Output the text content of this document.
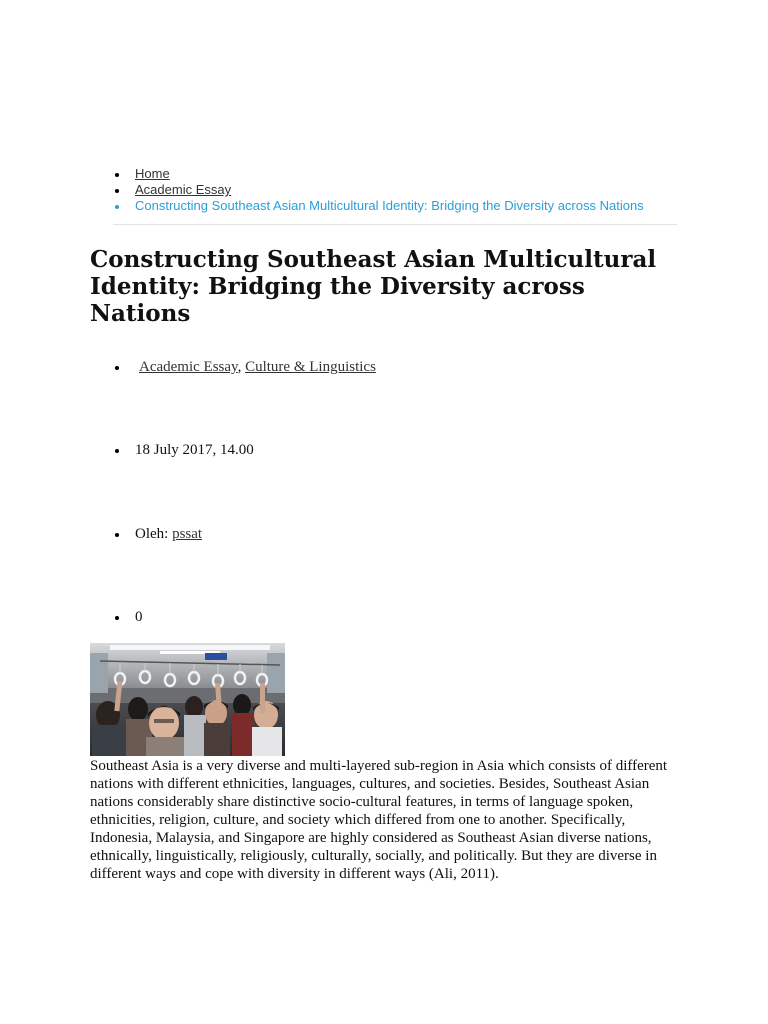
Home
Academic Essay
Constructing Southeast Asian Multicultural Identity: Bridging the Diversity across Nations
Constructing Southeast Asian Multicultural Identity: Bridging the Diversity across Nations
Academic Essay, Culture & Linguistics
18 July 2017, 14.00
Oleh: pssat
0

Southeast Asia is a very diverse and multi-layered sub-region in Asia which consists of different nations with different ethnicities, languages, cultures, and societies. Besides, Southeast Asian nations considerably share distinctive socio-cultural features, in terms of language spoken, ethnicities, religion, culture, and society which differed from one to another. Specifically, Indonesia, Malaysia, and Singapore are highly considered as Southeast Asian diverse nations, ethnically, linguistically, religiously, culturally, socially, and politically. But they are diverse in different ways and cope with diversity in different ways (Ali, 2011).
